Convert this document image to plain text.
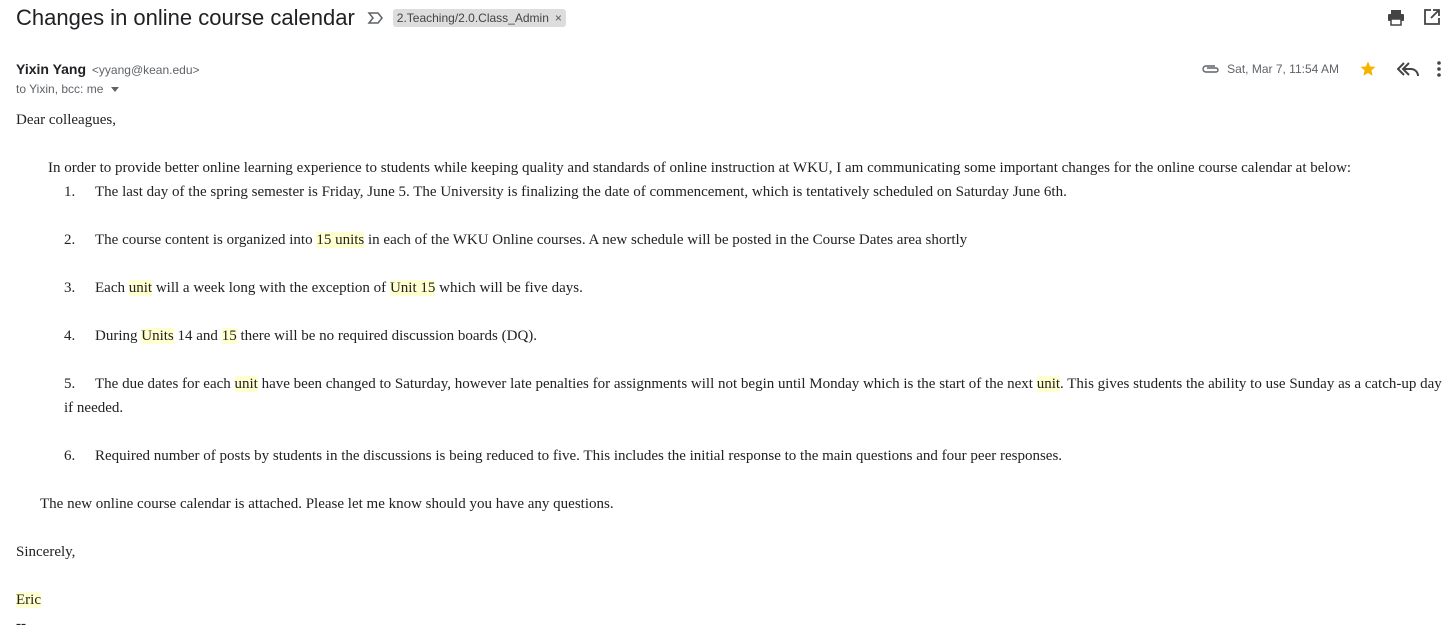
Changes in online course calendar	2.Teaching/2.0.Class_Admin ×
Yixin Yang <yyang@kean.edu>
to Yixin, bcc: me
Sat, Mar 7, 11:54 AM

Dear colleagues,

In order to provide better online learning experience to students while keeping quality and standards of online instruction at WKU, I am communicating some important changes for the online course calendar at below:

1. The last day of the spring semester is Friday, June 5. The University is finalizing the date of commencement, which is tentatively scheduled on Saturday June 6th.

2. The course content is organized into 15 units in each of the WKU Online courses. A new schedule will be posted in the Course Dates area shortly

3. Each unit will a week long with the exception of Unit 15 which will be five days.

4. During Units 14 and 15 there will be no required discussion boards (DQ).

5. The due dates for each unit have been changed to Saturday, however late penalties for assignments will not begin until Monday which is the start of the next unit. This gives students the ability to use Sunday as a catch-up day if needed.

6. Required number of posts by students in the discussions is being reduced to five. This includes the initial response to the main questions and four peer responses.

The new online course calendar is attached. Please let me know should you have any questions.

Sincerely,

Eric

--
